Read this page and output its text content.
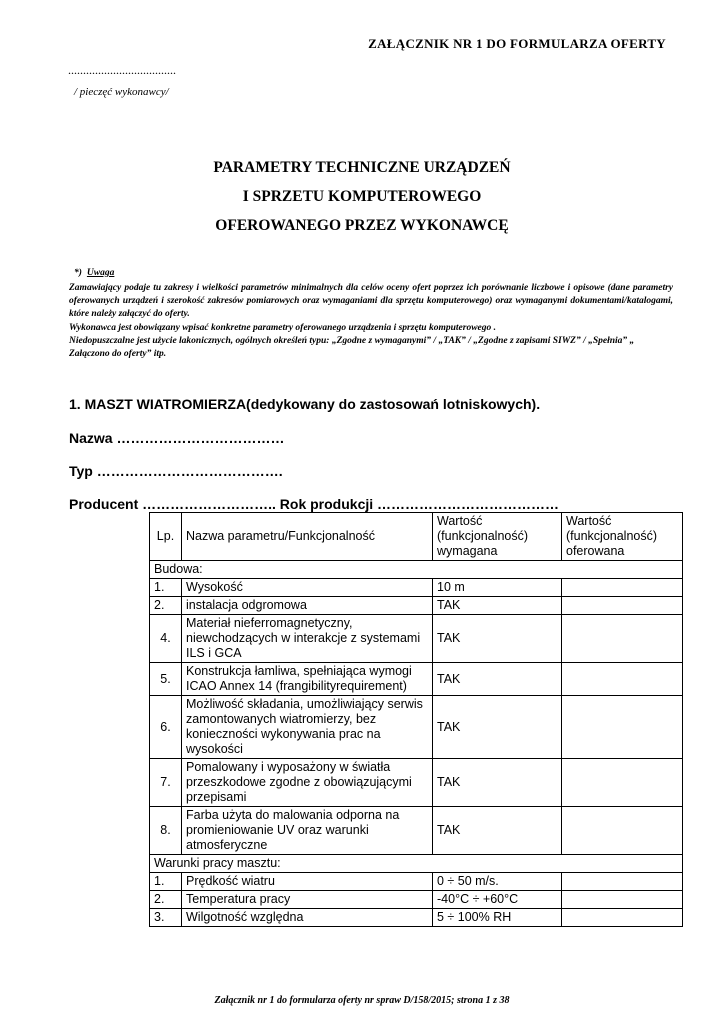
ZAŁĄCZNIK NR 1 DO FORMULARZA OFERTY
....................................
/ pieczęć wykonawcy/
PARAMETRY TECHNICZNE URZĄDZEŃ
I SPRZETU KOMPUTEROWEGO
OFEROWANEGO PRZEZ WYKONAWCĘ
*) Uwaga
Zamawiający podaje tu zakresy i wielkości parametrów minimalnych dla celów oceny ofert poprzez ich porównanie liczbowe i opisowe (dane parametry oferowanych urządzeń i szerokość zakresów pomiarowych oraz wymaganiami dla sprzętu komputerowego) oraz wymaganymi dokumentami/katalogami, które należy załączyć do oferty.
Wykonawca jest obowiązany wpisać konkretne parametry oferowanego urządzenia i sprzętu komputerowego .
Niedopuszczalne jest użycie lakonicznych, ogólnych określeń typu: „Zgodne z wymaganymi” / „TAK” / „Zgodne z zapisami SIWZ” / „Spełnia” „ Załączono do oferty” itp.
1. MASZT WIATROMIERZA(dedykowany do zastosowań lotniskowych).
Nazwa ………………………………
Typ ………………………………….
Producent ……………………….. Rok produkcji …………………………………
Lp.	Nazwa parametru/Funkcjonalność	Wartość (funkcjonalność) wymagana	Wartość (funkcjonalność) oferowana
Budowa:			
1.	Wysokość	10 m	
2.	instalacja odgromowa	TAK	
4.	Materiał nieferromagnetyczny, niewchodzących w interakcje z systemami ILS i GCA	TAK	
5.	Konstrukcja łamliwa, spełniająca wymogi ICAO Annex 14 (frangibilityrequirement)	TAK	
6.	Możliwość składania, umożliwiający serwis zamontowanych wiatromierzy, bez konieczności wykonywania prac na wysokości	TAK	
7.	Pomalowany i wyposażony w światła przeszkodowe zgodne z obowiązującymi przepisami	TAK	
8.	Farba użyta do malowania odporna na promieniowanie UV oraz warunki atmosferyczne	TAK	
Warunki pracy masztu:			
1.	Prędkość wiatru	0 ÷ 50 m/s.	
2.	Temperatura pracy	-40°C ÷ +60°C	
3.	Wilgotność względna	5 ÷ 100% RH	
Załącznik nr 1 do formularza oferty nr spraw D/158/2015; strona 1 z 38
